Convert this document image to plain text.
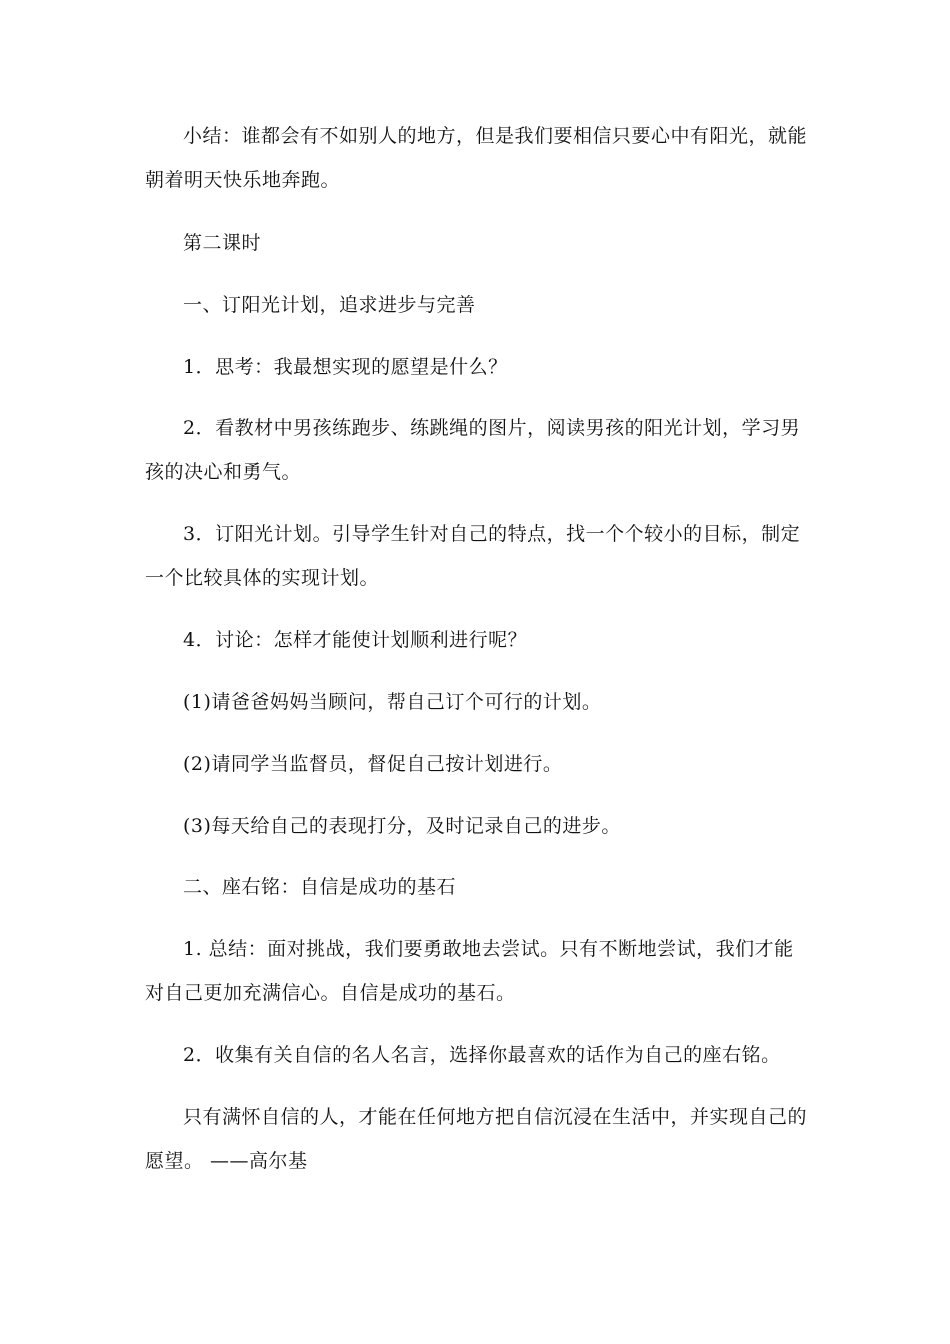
小结：谁都会有不如别人的地方，但是我们要相信只要心中有阳光，就能朝着明天快乐地奔跑。

第二课时

一、订阳光计划，追求进步与完善

1．思考：我最想实现的愿望是什么？

2．看教材中男孩练跑步、练跳绳的图片，阅读男孩的阳光计划，学习男孩的决心和勇气。

3．订阳光计划。引导学生针对自己的特点，找一个个较小的目标，制定一个比较具体的实现计划。

4．讨论：怎样才能使计划顺利进行呢？

(1)请爸爸妈妈当顾问，帮自己订个可行的计划。

(2)请同学当监督员，督促自己按计划进行。

(3)每天给自己的表现打分，及时记录自己的进步。

二、座右铭：自信是成功的基石

1. 总结：面对挑战，我们要勇敢地去尝试。只有不断地尝试，我们才能对自己更加充满信心。自信是成功的基石。

2．收集有关自信的名人名言，选择你最喜欢的话作为自己的座右铭。

只有满怀自信的人，才能在任何地方把自信沉浸在生活中，并实现自己的愿望。 ——高尔基
